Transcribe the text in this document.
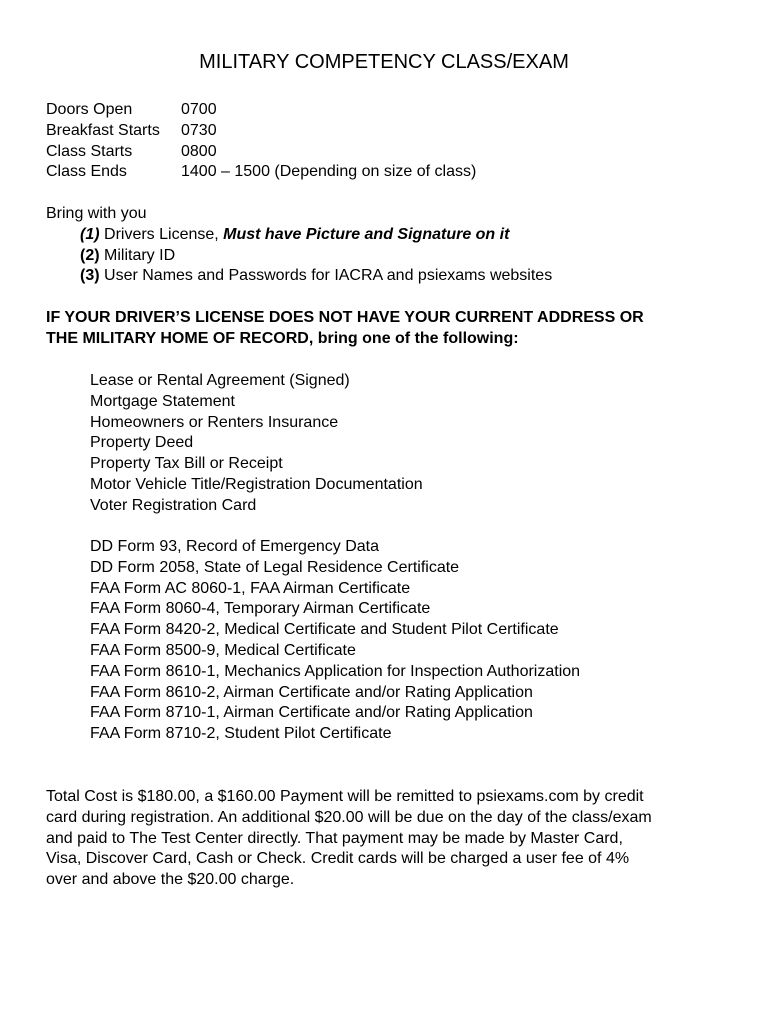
MILITARY COMPETENCY CLASS/EXAM
Doors Open	0700
Breakfast Starts 0730
Class Starts	0800
Class Ends	1400 – 1500 (Depending on size of class)
Bring with you
(1) Drivers License, Must have Picture and Signature on it
(2) Military ID
(3) User Names and Passwords for IACRA and psiexams websites
IF YOUR DRIVER’S LICENSE DOES NOT HAVE YOUR CURRENT ADDRESS OR
THE MILITARY HOME OF RECORD, bring one of the following:
Lease or Rental Agreement (Signed)
Mortgage Statement
Homeowners or Renters Insurance
Property Deed
Property Tax Bill or Receipt
Motor Vehicle Title/Registration Documentation
Voter Registration Card
DD Form 93, Record of Emergency Data
DD Form 2058, State of Legal Residence Certificate
FAA Form AC 8060-1, FAA Airman Certificate
FAA Form 8060-4, Temporary Airman Certificate
FAA Form 8420-2, Medical Certificate and Student Pilot Certificate
FAA Form 8500-9, Medical Certificate
FAA Form 8610-1, Mechanics Application for Inspection Authorization
FAA Form 8610-2, Airman Certificate and/or Rating Application
FAA Form 8710-1, Airman Certificate and/or Rating Application
FAA Form 8710-2, Student Pilot Certificate
Total Cost is $180.00, a $160.00 Payment will be remitted to psiexams.com by credit
card during registration. An additional $20.00 will be due on the day of the class/exam
and paid to The Test Center directly. That payment may be made by Master Card,
Visa, Discover Card, Cash or Check. Credit cards will be charged a user fee of 4%
over and above the $20.00 charge.
